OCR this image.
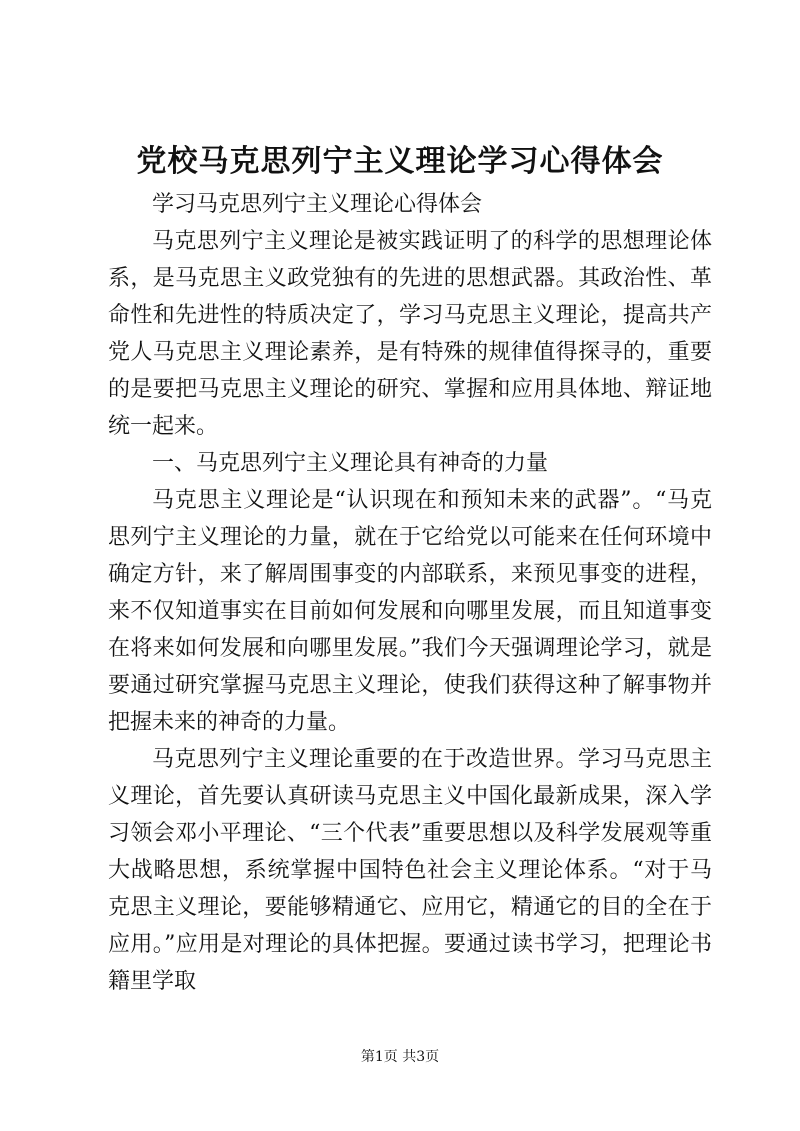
党校马克思列宁主义理论学习心得体会

学习马克思列宁主义理论心得体会

马克思列宁主义理论是被实践证明了的科学的思想理论体系，是马克思主义政党独有的先进的思想武器。其政治性、革命性和先进性的特质决定了，学习马克思主义理论，提高共产党人马克思主义理论素养，是有特殊的规律值得探寻的，重要的是要把马克思主义理论的研究、掌握和应用具体地、辩证地统一起来。

一、马克思列宁主义理论具有神奇的力量

马克思主义理论是“认识现在和预知未来的武器”。“马克思列宁主义理论的力量，就在于它给党以可能来在任何环境中确定方针，来了解周围事变的内部联系，来预见事变的进程，来不仅知道事实在目前如何发展和向哪里发展，而且知道事变在将来如何发展和向哪里发展。”我们今天强调理论学习，就是要通过研究掌握马克思主义理论，使我们获得这种了解事物并把握未来的神奇的力量。

马克思列宁主义理论重要的在于改造世界。学习马克思主义理论，首先要认真研读马克思主义中国化最新成果，深入学习领会邓小平理论、“三个代表”重要思想以及科学发展观等重大战略思想，系统掌握中国特色社会主义理论体系。“对于马克思主义理论，要能够精通它、应用它，精通它的目的全在于应用。”应用是对理论的具体把握。要通过读书学习，把理论书籍里学取

第1页 共3页
